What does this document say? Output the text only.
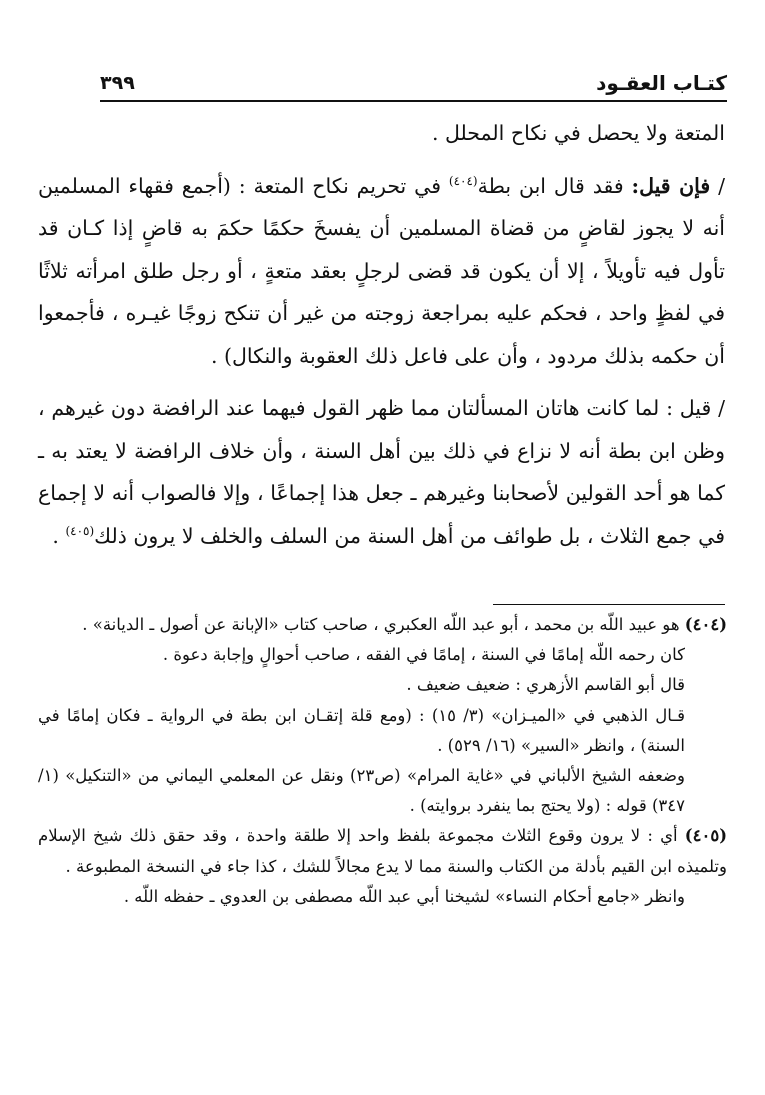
كتـاب العقـود
٣٩٩

المتعة ولا يحصل في نكاح المحلل .

/ فإن قيل: فقد قال ابن بطة$^{(٤٠٤)}$ في تحريم نكاح المتعة : (أجمع فقهاء المسلمين أنه لا يجوز لقاضٍ من قضاة المسلمين أن يفسخَ حكمًا حكمَ به قاضٍ إذا كـان قد تأول فيه تأويلاً ، إلا أن يكون قد قضى لرجلٍ بعقد متعةٍ ، أو رجل طلق امرأته ثلاثًا في لفظٍ واحد ، فحكم عليه بمراجعة زوجته من غير أن تنكح زوجًا غيـره ، فأجمعوا أن حكمه بذلك مردود ، وأن على فاعل ذلك العقوبة والنكال) .

/ قيل : لما كانت هاتان المسألتان مما ظهر القول فيهما عند الرافضة دون غيرهم ، وظن ابن بطة أنه لا نزاع في ذلك بين أهل السنة ، وأن خلاف الرافضة لا يعتد به ـ كما هو أحد القولين لأصحابنا وغيرهم ـ جعل هذا إجماعًا ، وإلا فالصواب أنه لا إجماع في جمع الثلاث ، بل طوائف من أهل السنة من السلف والخلف لا يرون ذلك$^{(٤٠٥)}$ .

(٤٠٤) هو عبيد اللّه بن محمد ، أبو عبد اللّه العكبري ، صاحب كتاب «الإبانة عن أصول ـ الديانة» .

كان رحمه اللّه إمامًا في السنة ، إمامًا في الفقه ، صاحب أحوالٍ وإجابة دعوة .

قال أبو القاسم الأزهري : ضعيف ضعيف .

قـال الذهبي في «الميـزان» (٣/ ١٥) : (ومع قلة إتقـان ابن بطة في الرواية ـ فكان إمامًا في السنة) ، وانظر «السير» (١٦/ ٥٢٩) .

وضعفه الشيخ الألباني في «غاية المرام» (ص٢٣) ونقل عن المعلمي اليماني من «التنكيل» (١/ ٣٤٧) قوله : (ولا يحتج بما ينفرد بروايته) .

(٤٠٥) أي : لا يرون وقوع الثلاث مجموعة بلفظ واحد إلا طلقة واحدة ، وقد حقق ذلك شيخ الإسلام وتلميذه ابن القيم بأدلة من الكتاب والسنة مما لا يدع مجالاً للشك ، كذا جاء في النسخة المطبوعة .

وانظر «جامع أحكام النساء» لشيخنا أبي عبد اللّه مصطفى بن العدوي ـ حفظه اللّه .
